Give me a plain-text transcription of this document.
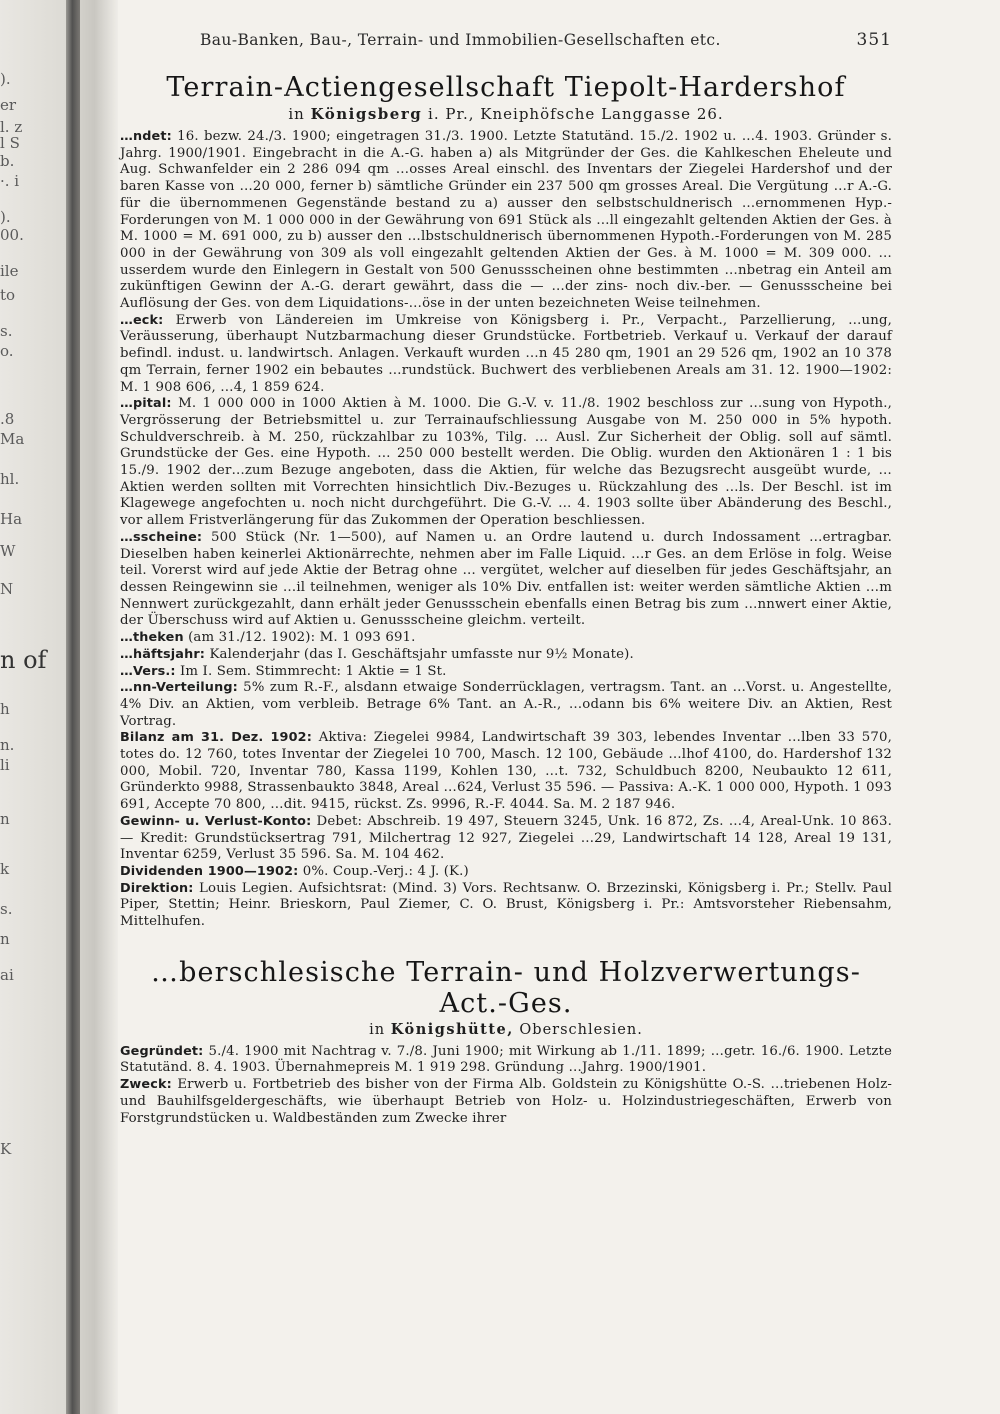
).
er
l. z
l S
b.
·. i
).
00.
ile
to
s.
o.
.8
Ma
hl.
Ha
W
N
n of
h
n.
li
n
k
s.
n
ai
K
Bau-Banken, Bau-, Terrain- und Immobilien-Gesellschaften etc.	351
Terrain-Actiengesellschaft Tiepolt-Hardershof
in Königsberg i. Pr., Kneiphöfsche Langgasse 26.

…ndet: 16. bezw. 24./3. 1900; eingetragen 31./3. 1900. Letzte Statutänd. 15./2. 1902 u. …4. 1903. Gründer s. Jahrg. 1900/1901. Eingebracht in die A.-G. haben a) als Mitgründer der Ges. die Kahlkeschen Eheleute und Aug. Schwanfelder ein 2 286 094 qm …osses Areal einschl. des Inventars der Ziegelei Hardershof und der baren Kasse von …20 000, ferner b) sämtliche Gründer ein 237 500 qm grosses Areal. Die Vergütung …r A.-G. für die übernommenen Gegenstände bestand zu a) ausser den selbstschuldnerisch …ernommenen Hyp.-Forderungen von M. 1 000 000 in der Gewährung von 691 Stück als …ll eingezahlt geltenden Aktien der Ges. à M. 1000 = M. 691 000, zu b) ausser den …lbstschuldnerisch übernommenen Hypoth.-Forderungen von M. 285 000 in der Gewährung von 309 als voll eingezahlt geltenden Aktien der Ges. à M. 1000 = M. 309 000. …usserdem wurde den Einlegern in Gestalt von 500 Genussscheinen ohne bestimmten …nbetrag ein Anteil am zukünftigen Gewinn der A.-G. derart gewährt, dass die — …der zins- noch div.-ber. — Genussscheine bei Auflösung der Ges. von dem Liquidations-…öse in der unten bezeichneten Weise teilnehmen.

…eck: Erwerb von Ländereien im Umkreise von Königsberg i. Pr., Verpacht., Parzellierung, …ung, Veräusserung, überhaupt Nutzbarmachung dieser Grundstücke. Fortbetrieb. Verkauf u. Verkauf der darauf befindl. indust. u. landwirtsch. Anlagen. Verkauft wurden …n 45 280 qm, 1901 an 29 526 qm, 1902 an 10 378 qm Terrain, ferner 1902 ein bebautes …rundstück. Buchwert des verbliebenen Areals am 31. 12. 1900—1902: M. 1 908 606, …4, 1 859 624.

…pital: M. 1 000 000 in 1000 Aktien à M. 1000. Die G.-V. v. 11./8. 1902 beschloss zur …sung von Hypoth., Vergrösserung der Betriebsmittel u. zur Terrainaufschliessung Ausgabe von M. 250 000 in 5% hypoth. Schuldverschreib. à M. 250, rückzahlbar zu 103%, Tilg. … Ausl. Zur Sicherheit der Oblig. soll auf sämtl. Grundstücke der Ges. eine Hypoth. … 250 000 bestellt werden. Die Oblig. wurden den Aktionären 1 : 1 bis 15./9. 1902 der…zum Bezuge angeboten, dass die Aktien, für welche das Bezugsrecht ausgeübt wurde, …Aktien werden sollten mit Vorrechten hinsichtlich Div.-Bezuges u. Rückzahlung des …ls. Der Beschl. ist im Klagewege angefochten u. noch nicht durchgeführt. Die G.-V. … 4. 1903 sollte über Abänderung des Beschl., vor allem Fristverlängerung für das Zukommen der Operation beschliessen.

…sscheine: 500 Stück (Nr. 1—500), auf Namen u. an Ordre lautend u. durch Indossament …ertragbar. Dieselben haben keinerlei Aktionärrechte, nehmen aber im Falle Liquid. …r Ges. an dem Erlöse in folg. Weise teil. Vorerst wird auf jede Aktie der Betrag ohne … vergütet, welcher auf dieselben für jedes Geschäftsjahr, an dessen Reingewinn sie …il teilnehmen, weniger als 10% Div. entfallen ist: weiter werden sämtliche Aktien …m Nennwert zurückgezahlt, dann erhält jeder Genussschein ebenfalls einen Betrag bis zum …nnwert einer Aktie, der Überschuss wird auf Aktien u. Genussscheine gleichm. verteilt.

…theken (am 31./12. 1902): M. 1 093 691.

…häftsjahr: Kalenderjahr (das I. Geschäftsjahr umfasste nur 9½ Monate).

…Vers.: Im I. Sem. Stimmrecht: 1 Aktie = 1 St.

…nn-Verteilung: 5% zum R.-F., alsdann etwaige Sonderrücklagen, vertragsm. Tant. an …Vorst. u. Angestellte, 4% Div. an Aktien, vom verbleib. Betrage 6% Tant. an A.-R., …odann bis 6% weitere Div. an Aktien, Rest Vortrag.

Bilanz am 31. Dez. 1902: Aktiva: Ziegelei 9984, Landwirtschaft 39 303, lebendes Inventar …lben 33 570, totes do. 12 760, totes Inventar der Ziegelei 10 700, Masch. 12 100, Gebäude …lhof 4100, do. Hardershof 132 000, Mobil. 720, Inventar 780, Kassa 1199, Kohlen 130, …t. 732, Schuldbuch 8200, Neubaukto 12 611, Gründerkto 9988, Strassenbaukto 3848, Areal …624, Verlust 35 596. — Passiva: A.-K. 1 000 000, Hypoth. 1 093 691, Accepte 70 800, …dit. 9415, rückst. Zs. 9996, R.-F. 4044. Sa. M. 2 187 946.

Gewinn- u. Verlust-Konto: Debet: Abschreib. 19 497, Steuern 3245, Unk. 16 872, Zs. …4, Areal-Unk. 10 863. — Kredit: Grundstücksertrag 791, Milchertrag 12 927, Ziegelei …29, Landwirtschaft 14 128, Areal 19 131, Inventar 6259, Verlust 35 596. Sa. M. 104 462.

Dividenden 1900—1902: 0%. Coup.-Verj.: 4 J. (K.)

Direktion: Louis Legien. Aufsichtsrat: (Mind. 3) Vors. Rechtsanw. O. Brzezinski, Königsberg i. Pr.; Stellv. Paul Piper, Stettin; Heinr. Brieskorn, Paul Ziemer, C. O. Brust, Königsberg i. Pr.: Amtsvorsteher Riebensahm, Mittelhufen.

…berschlesische Terrain- und Holzverwertungs-Act.-Ges.
in Königshütte, Oberschlesien.

Gegründet: 5./4. 1900 mit Nachtrag v. 7./8. Juni 1900; mit Wirkung ab 1./11. 1899; …getr. 16./6. 1900. Letzte Statutänd. 8. 4. 1903. Übernahmepreis M. 1 919 298. Gründung …Jahrg. 1900/1901.

Zweck: Erwerb u. Fortbetrieb des bisher von der Firma Alb. Goldstein zu Königshütte O.-S. …triebenen Holz- und Bauhilfsgeldergeschäfts, wie überhaupt Betrieb von Holz- u. Holzindustriegeschäften, Erwerb von Forstgrundstücken u. Waldbeständen zum Zwecke ihrer
